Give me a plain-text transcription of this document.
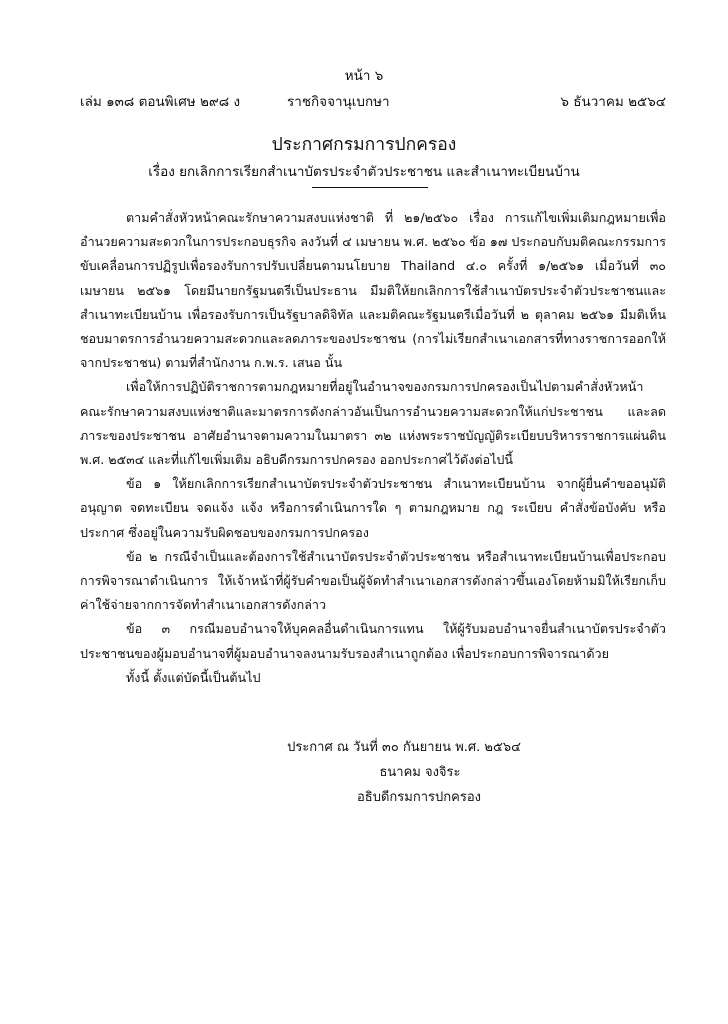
หน้า ๖
เล่ม ๑๓๘ ตอนพิเศษ ๒๙๘ ง	ราชกิจจานุเบกษา	๖ ธันวาคม ๒๕๖๔
ประกาศกรมการปกครอง
เรื่อง ยกเลิกการเรียกสำเนาบัตรประจำตัวประชาชน และสำเนาทะเบียนบ้าน

ตามคำสั่งหัวหน้าคณะรักษาความสงบแห่งชาติ ที่ ๒๑/๒๕๖๐ เรื่อง การแก้ไขเพิ่มเติมกฎหมายเพื่ออำนวยความสะดวกในการประกอบธุรกิจ ลงวันที่ ๔ เมษายน พ.ศ. ๒๕๖๐ ข้อ ๑๗ ประกอบกับมติคณะกรรมการขับเคลื่อนการปฏิรูปเพื่อรองรับการปรับเปลี่ยนตามนโยบาย Thailand ๔.๐ ครั้งที่ ๑/๒๕๖๑ เมื่อวันที่ ๓๐ เมษายน ๒๕๖๑ โดยมีนายกรัฐมนตรีเป็นประธาน มีมติให้ยกเลิกการใช้สำเนาบัตรประจำตัวประชาชนและสำเนาทะเบียนบ้าน เพื่อรองรับการเป็นรัฐบาลดิจิทัล และมติคณะรัฐมนตรีเมื่อวันที่ ๒ ตุลาคม ๒๕๖๑ มีมติเห็นชอบมาตรการอำนวยความสะดวกและลดภาระของประชาชน (การไม่เรียกสำเนาเอกสารที่ทางราชการออกให้จากประชาชน) ตามที่สำนักงาน ก.พ.ร. เสนอ นั้น

เพื่อให้การปฏิบัติราชการตามกฎหมายที่อยู่ในอำนาจของกรมการปกครองเป็นไปตามคำสั่งหัวหน้าคณะรักษาความสงบแห่งชาติและมาตรการดังกล่าวอันเป็นการอำนวยความสะดวกให้แก่ประชาชน และลดภาระของประชาชน อาศัยอำนาจตามความในมาตรา ๓๒ แห่งพระราชบัญญัติระเบียบบริหารราชการแผ่นดิน พ.ศ. ๒๕๓๔ และที่แก้ไขเพิ่มเติม อธิบดีกรมการปกครอง ออกประกาศไว้ดังต่อไปนี้

ข้อ ๑ ให้ยกเลิกการเรียกสำเนาบัตรประจำตัวประชาชน สำเนาทะเบียนบ้าน จากผู้ยื่นคำขออนุมัติ อนุญาต จดทะเบียน จดแจ้ง แจ้ง หรือการดำเนินการใด ๆ ตามกฎหมาย กฎ ระเบียบ คำสั่งข้อบังคับ หรือประกาศ ซึ่งอยู่ในความรับผิดชอบของกรมการปกครอง

ข้อ ๒ กรณีจำเป็นและต้องการใช้สำเนาบัตรประจำตัวประชาชน หรือสำเนาทะเบียนบ้านเพื่อประกอบการพิจารณาดำเนินการ ให้เจ้าหน้าที่ผู้รับคำขอเป็นผู้จัดทำสำเนาเอกสารดังกล่าวขึ้นเองโดยห้ามมิให้เรียกเก็บค่าใช้จ่ายจากการจัดทำสำเนาเอกสารดังกล่าว

ข้อ ๓ กรณีมอบอำนาจให้บุคคลอื่นดำเนินการแทน ให้ผู้รับมอบอำนาจยื่นสำเนาบัตรประจำตัวประชาชนของผู้มอบอำนาจที่ผู้มอบอำนาจลงนามรับรองสำเนาถูกต้อง เพื่อประกอบการพิจารณาด้วย

ทั้งนี้ ตั้งแต่บัดนี้เป็นต้นไป

ประกาศ ณ วันที่ ๓๐ กันยายน พ.ศ. ๒๕๖๔
ธนาคม จงจิระ
อธิบดีกรมการปกครอง
